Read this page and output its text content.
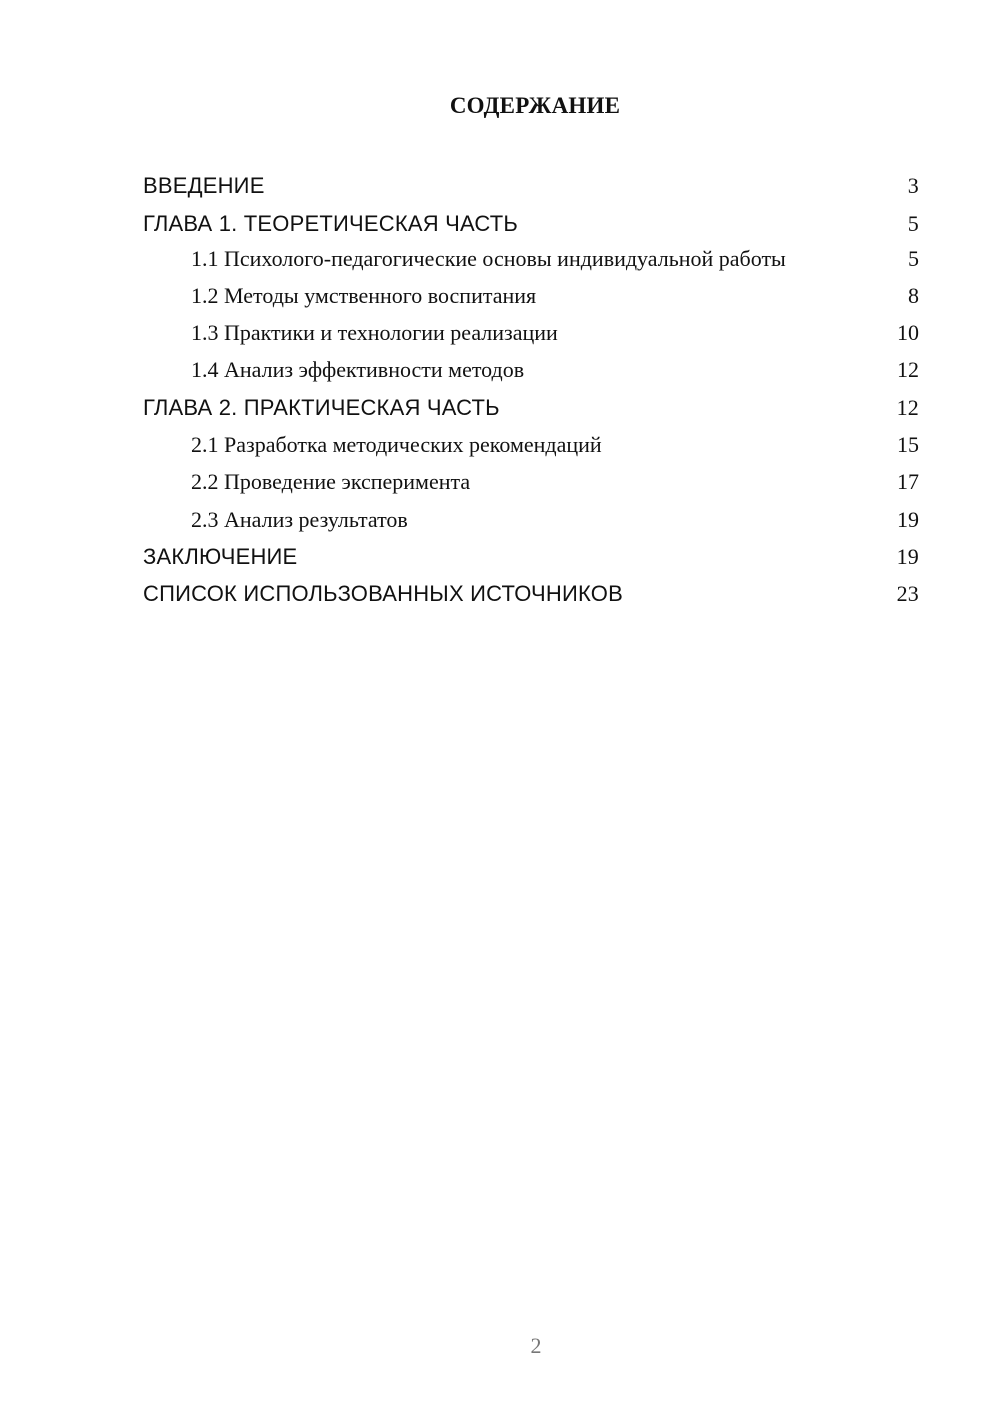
СОДЕРЖАНИЕ
ВВЕДЕНИЕ	3
ГЛАВА 1. ТЕОРЕТИЧЕСКАЯ ЧАСТЬ	5
1.1 Психолого-педагогические основы индивидуальной работы	5
1.2 Методы умственного воспитания	8
1.3 Практики и технологии реализации	10
1.4 Анализ эффективности методов	12
ГЛАВА 2. ПРАКТИЧЕСКАЯ ЧАСТЬ	12
2.1 Разработка методических рекомендаций	15
2.2 Проведение эксперимента	17
2.3 Анализ результатов	19
ЗАКЛЮЧЕНИЕ	19
СПИСОК ИСПОЛЬЗОВАННЫХ ИСТОЧНИКОВ	23
2
